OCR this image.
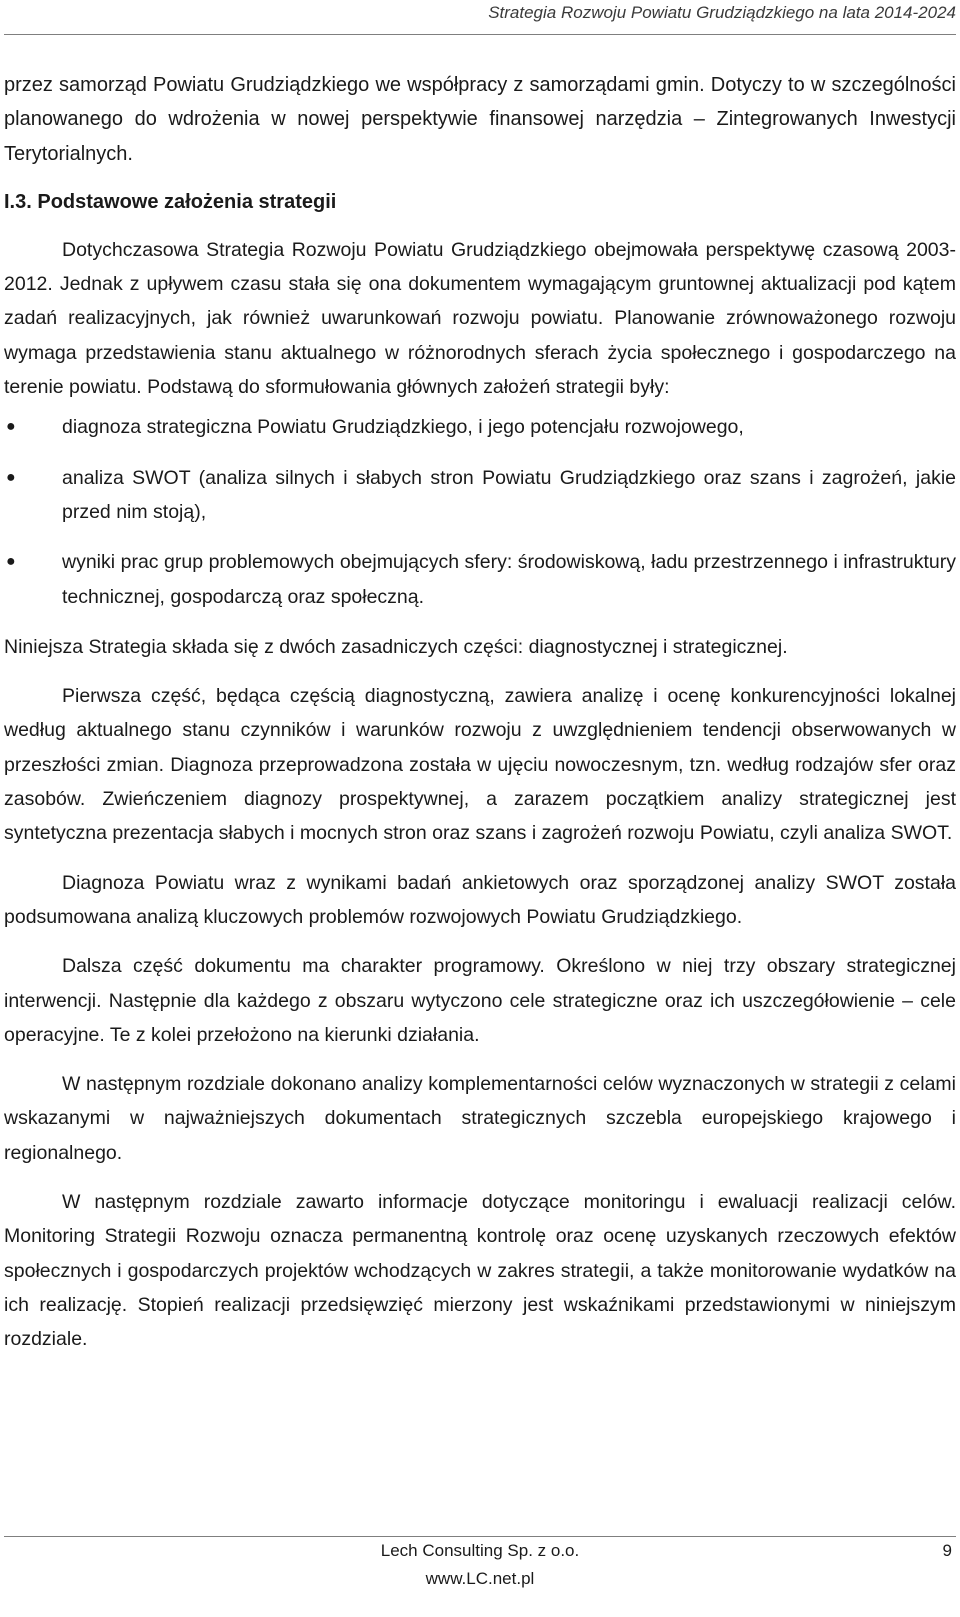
Strategia Rozwoju Powiatu Grudziądzkiego na lata 2014-2024

przez samorząd Powiatu Grudziądzkiego we współpracy z samorządami gmin. Dotyczy to w szczególności planowanego do wdrożenia w nowej perspektywie finansowej narzędzia – Zintegrowanych Inwestycji Terytorialnych.

I.3. Podstawowe założenia strategii

Dotychczasowa Strategia Rozwoju Powiatu Grudziądzkiego obejmowała perspektywę czasową 2003-2012. Jednak z upływem czasu stała się ona dokumentem wymagającym gruntownej aktualizacji pod kątem zadań realizacyjnych, jak również uwarunkowań rozwoju powiatu. Planowanie zrównoważonego rozwoju wymaga przedstawienia stanu aktualnego w różnorodnych sferach życia społecznego i gospodarczego na terenie powiatu. Podstawą do sformułowania głównych założeń strategii były:

● diagnoza strategiczna Powiatu Grudziądzkiego, i jego potencjału rozwojowego,
● analiza SWOT (analiza silnych i słabych stron Powiatu Grudziądzkiego oraz szans i zagrożeń, jakie przed nim stoją),
● wyniki prac grup problemowych obejmujących sfery: środowiskową, ładu przestrzennego i infrastruktury technicznej, gospodarczą oraz społeczną.

Niniejsza Strategia składa się z dwóch zasadniczych części: diagnostycznej i strategicznej.

Pierwsza część, będąca częścią diagnostyczną, zawiera analizę i ocenę konkurencyjności lokalnej według aktualnego stanu czynników i warunków rozwoju z uwzględnieniem tendencji obserwowanych w przeszłości zmian. Diagnoza przeprowadzona została w ujęciu nowoczesnym, tzn. według rodzajów sfer oraz zasobów. Zwieńczeniem diagnozy prospektywnej, a zarazem początkiem analizy strategicznej jest syntetyczna prezentacja słabych i mocnych stron oraz szans i zagrożeń rozwoju Powiatu, czyli analiza SWOT.

Diagnoza Powiatu wraz z wynikami badań ankietowych oraz sporządzonej analizy SWOT została podsumowana analizą kluczowych problemów rozwojowych Powiatu Grudziądzkiego.

Dalsza część dokumentu ma charakter programowy. Określono w niej trzy obszary strategicznej interwencji. Następnie dla każdego z obszaru wytyczono cele strategiczne oraz ich uszczegółowienie – cele operacyjne. Te z kolei przełożono na kierunki działania.

W następnym rozdziale dokonano analizy komplementarności celów wyznaczonych w strategii z celami wskazanymi w najważniejszych dokumentach strategicznych szczebla europejskiego krajowego i regionalnego.

W następnym rozdziale zawarto informacje dotyczące monitoringu i ewaluacji realizacji celów. Monitoring Strategii Rozwoju oznacza permanentną kontrolę oraz ocenę uzyskanych rzeczowych efektów społecznych i gospodarczych projektów wchodzących w zakres strategii, a także monitorowanie wydatków na ich realizację. Stopień realizacji przedsięwzięć mierzony jest wskaźnikami przedstawionymi w niniejszym rozdziale.

Lech Consulting Sp. z o.o.
www.LC.net.pl
9
